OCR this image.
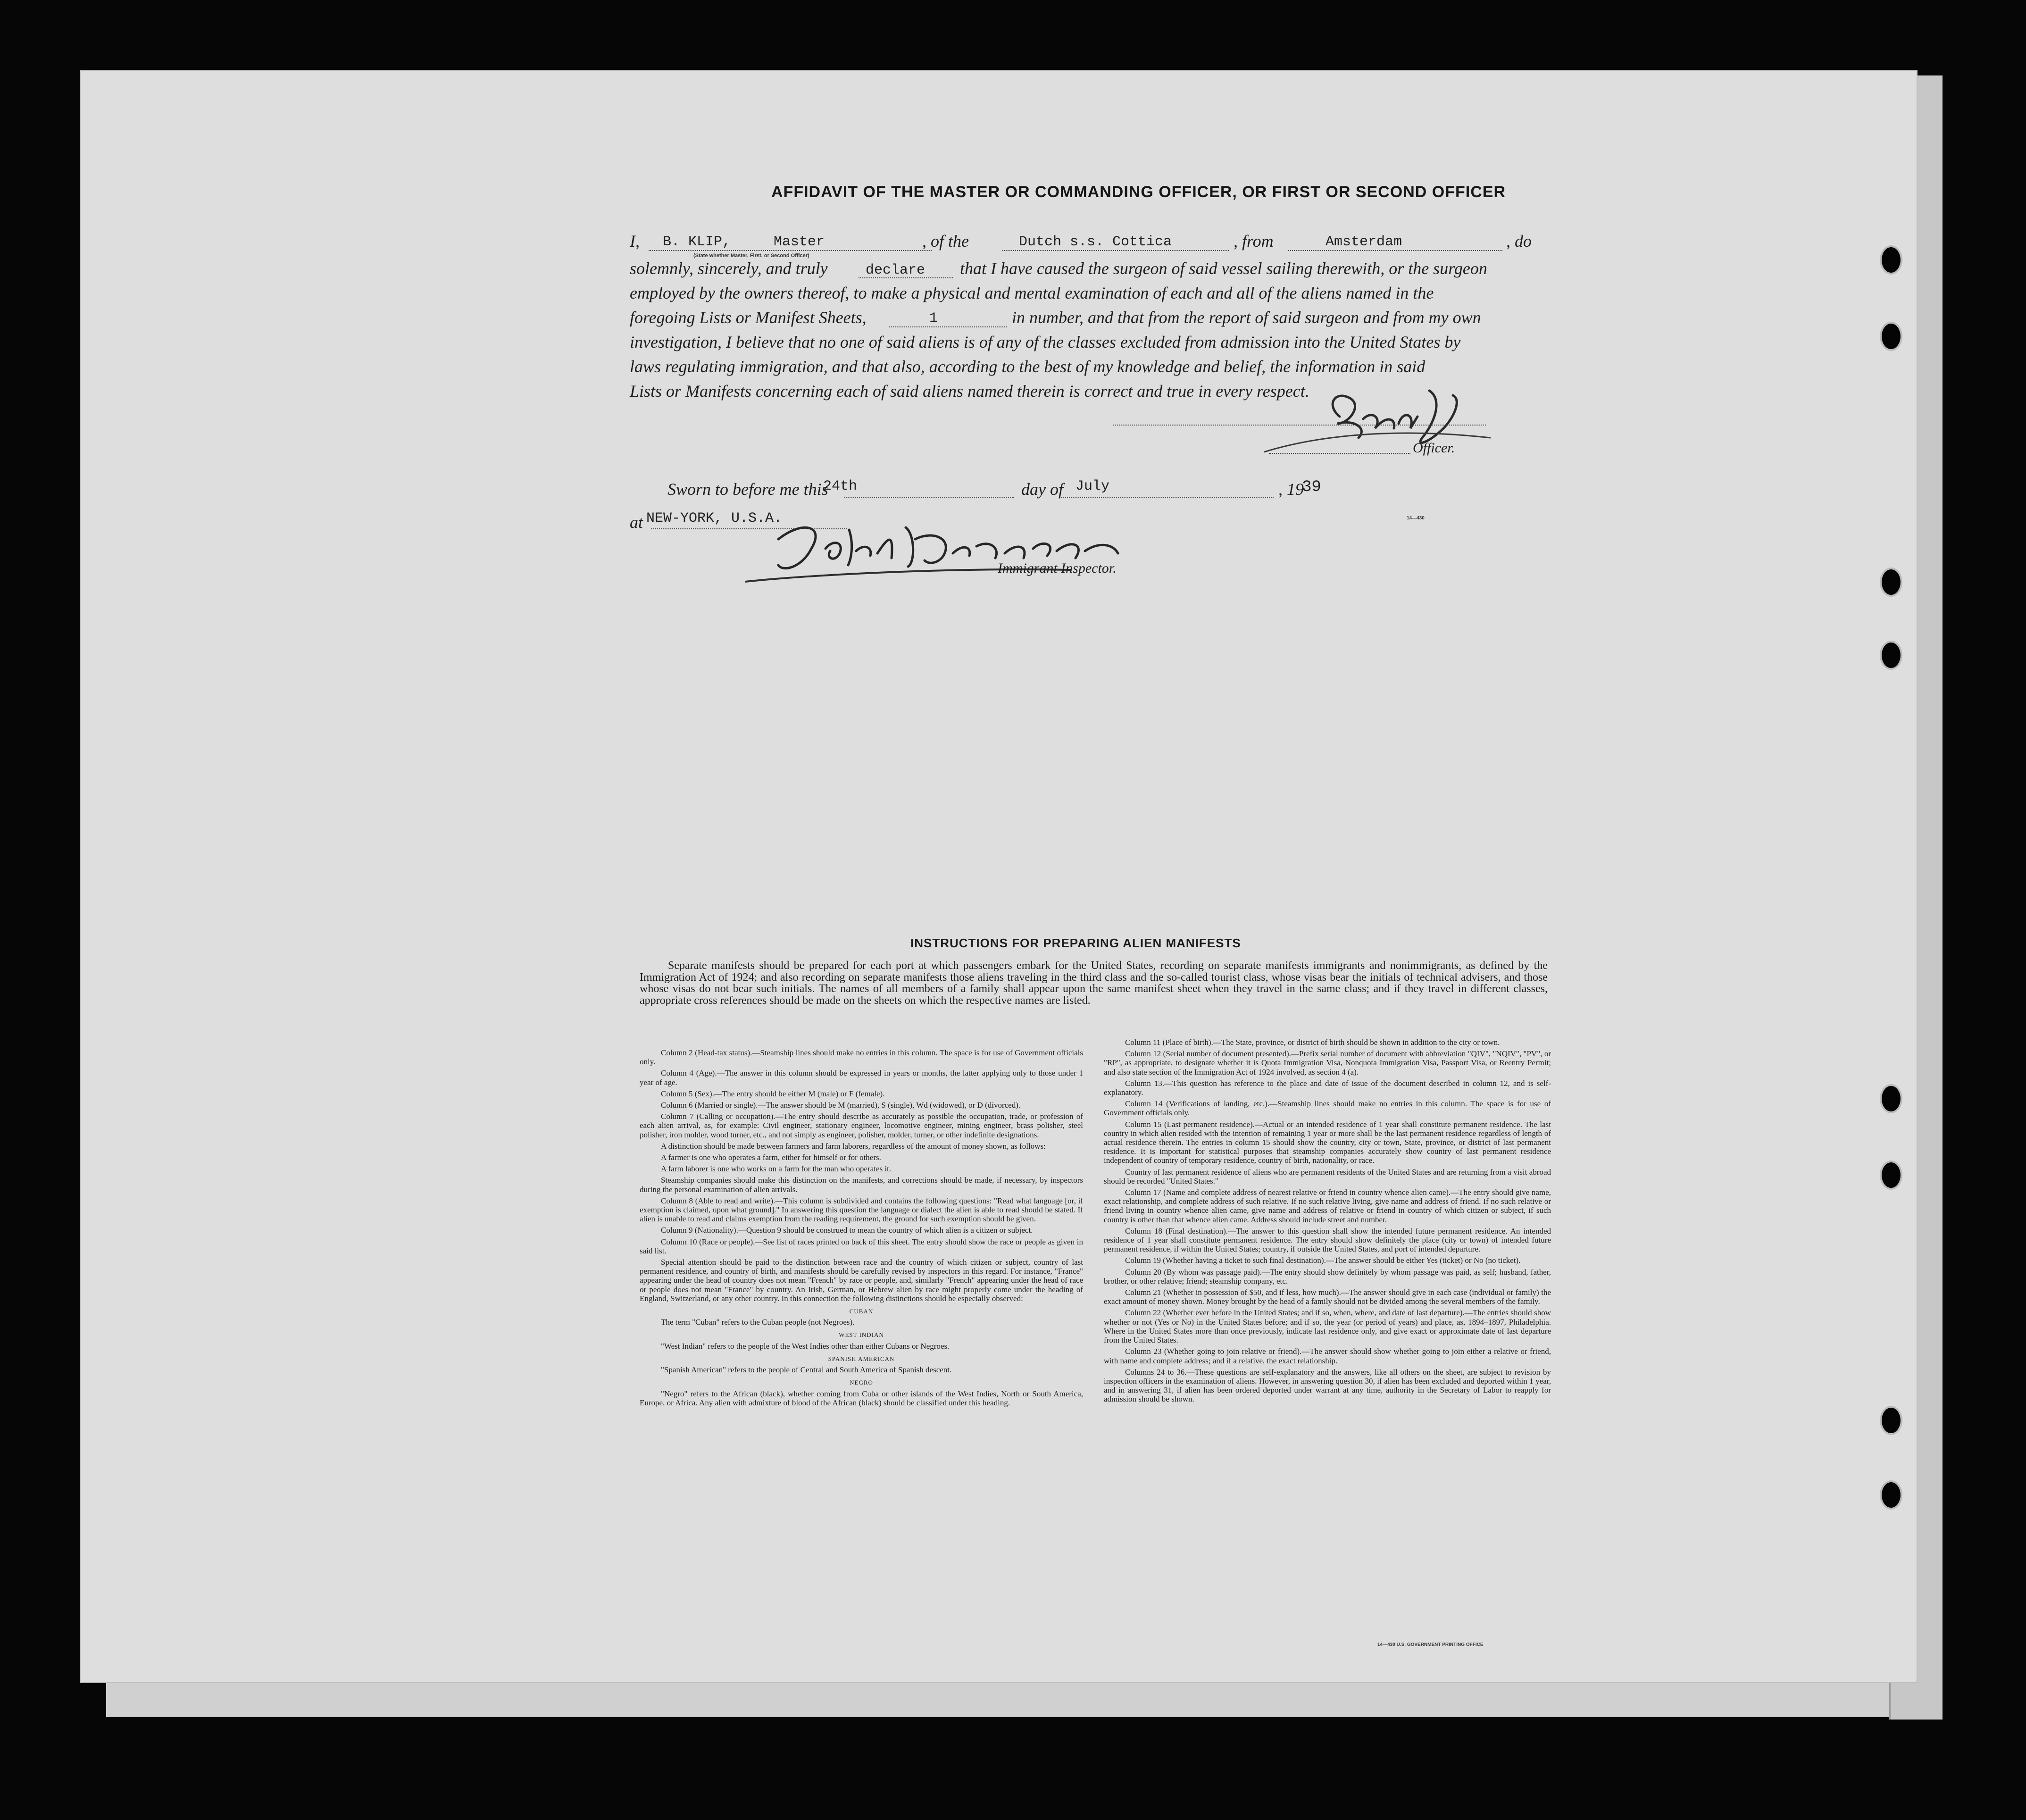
AFFIDAVIT OF THE MASTER OR COMMANDING OFFICER, OR FIRST OR SECOND OFFICER
I,	, of the	, from	, do
B. KLIP,	Master
(State whether Master, First, or Second Officer)
Dutch s.s. Cottica	Amsterdam
solemnly, sincerely, and truly	that I have caused the surgeon of said vessel sailing therewith, or the surgeon
declare
employed by the owners thereof, to make a physical and mental examination of each and all of the aliens named in the
foregoing Lists or Manifest Sheets,	in number, and that from the report of said surgeon and from my own
1
investigation, I believe that no one of said aliens is of any of the classes excluded from admission into the United States by
laws regulating immigration, and that also, according to the best of my knowledge and belief, the information in said
Lists or Manifests concerning each of said aliens named therein is correct and true in every respect.
Officer.
Sworn to before me this	day of	, 19
24th	July	39
at NEW-YORK, U.S.A.
Immigrant Inspector.
14—430
INSTRUCTIONS FOR PREPARING ALIEN MANIFESTS

Separate manifests should be prepared for each port at which passengers embark for the United States, recording on separate manifests immigrants and nonimmigrants, as defined by the Immigration Act of 1924; and also recording on separate manifests those aliens traveling in the third class and the so-called tourist class, whose visas bear the initials of technical advisers, and those whose visas do not bear such initials. The names of all members of a family shall appear upon the same manifest sheet when they travel in the same class; and if they travel in different classes, appropriate cross references should be made on the sheets on which the respective names are listed.

Column 2 (Head-tax status).—Steamship lines should make no entries in this column. The space is for use of Government officials only.

Column 4 (Age).—The answer in this column should be expressed in years or months, the latter applying only to those under 1 year of age.

Column 5 (Sex).—The entry should be either M (male) or F (female).

Column 6 (Married or single).—The answer should be M (married), S (single), Wd (widowed), or D (divorced).

Column 7 (Calling or occupation).—The entry should describe as accurately as possible the occupation, trade, or profession of each alien arrival, as, for example: Civil engineer, stationary engineer, locomotive engineer, mining engineer, brass polisher, steel polisher, iron molder, wood turner, etc., and not simply as engineer, polisher, molder, turner, or other indefinite designations.

A distinction should be made between farmers and farm laborers, regardless of the amount of money shown, as follows:

A farmer is one who operates a farm, either for himself or for others.

A farm laborer is one who works on a farm for the man who operates it.

Steamship companies should make this distinction on the manifests, and corrections should be made, if necessary, by inspectors during the personal examination of alien arrivals.

Column 8 (Able to read and write).—This column is subdivided and contains the following questions: "Read what language [or, if exemption is claimed, upon what ground]." In answering this question the language or dialect the alien is able to read should be stated. If alien is unable to read and claims exemption from the reading requirement, the ground for such exemption should be given.

Column 9 (Nationality).—Question 9 should be construed to mean the country of which alien is a citizen or subject.

Column 10 (Race or people).—See list of races printed on back of this sheet. The entry should show the race or people as given in said list.

Special attention should be paid to the distinction between race and the country of which citizen or subject, country of last permanent residence, and country of birth, and manifests should be carefully revised by inspectors in this regard. For instance, "France" appearing under the head of country does not mean "French" by race or people, and, similarly "French" appearing under the head of race or people does not mean "France" by country. An Irish, German, or Hebrew alien by race might properly come under the heading of England, Switzerland, or any other country. In this connection the following distinctions should be especially observed:

CUBAN

The term "Cuban" refers to the Cuban people (not Negroes).

WEST INDIAN

"West Indian" refers to the people of the West Indies other than either Cubans or Negroes.

SPANISH AMERICAN

"Spanish American" refers to the people of Central and South America of Spanish descent.

NEGRO

"Negro" refers to the African (black), whether coming from Cuba or other islands of the West Indies, North or South America, Europe, or Africa. Any alien with admixture of blood of the African (black) should be classified under this heading.

Column 11 (Place of birth).—The State, province, or district of birth should be shown in addition to the city or town.

Column 12 (Serial number of document presented).—Prefix serial number of document with abbreviation "QIV", "NQIV", "PV", or "RP", as appropriate, to designate whether it is Quota Immigration Visa, Nonquota Immigration Visa, Passport Visa, or Reentry Permit; and also state section of the Immigration Act of 1924 involved, as section 4 (a).

Column 13.—This question has reference to the place and date of issue of the document described in column 12, and is self-explanatory.

Column 14 (Verifications of landing, etc.).—Steamship lines should make no entries in this column. The space is for use of Government officials only.

Column 15 (Last permanent residence).—Actual or an intended residence of 1 year shall constitute permanent residence. The last country in which alien resided with the intention of remaining 1 year or more shall be the last permanent residence regardless of length of actual residence therein. The entries in column 15 should show the country, city or town, State, province, or district of last permanent residence. It is important for statistical purposes that steamship companies accurately show country of last permanent residence independent of country of temporary residence, country of birth, nationality, or race.

Country of last permanent residence of aliens who are permanent residents of the United States and are returning from a visit abroad should be recorded "United States."

Column 17 (Name and complete address of nearest relative or friend in country whence alien came).—The entry should give name, exact relationship, and complete address of such relative. If no such relative living, give name and address of friend. If no such relative or friend living in country whence alien came, give name and address of relative or friend in country of which citizen or subject, if such country is other than that whence alien came. Address should include street and number.

Column 18 (Final destination).—The answer to this question shall show the intended future permanent residence. An intended residence of 1 year shall constitute permanent residence. The entry should show definitely the place (city or town) of intended future permanent residence, if within the United States; country, if outside the United States, and port of intended departure.

Column 19 (Whether having a ticket to such final destination).—The answer should be either Yes (ticket) or No (no ticket).

Column 20 (By whom was passage paid).—The entry should show definitely by whom passage was paid, as self; husband, father, brother, or other relative; friend; steamship company, etc.

Column 21 (Whether in possession of $50, and if less, how much).—The answer should give in each case (individual or family) the exact amount of money shown. Money brought by the head of a family should not be divided among the several members of the family.

Column 22 (Whether ever before in the United States; and if so, when, where, and date of last departure).—The entries should show whether or not (Yes or No) in the United States before; and if so, the year (or period of years) and place, as, 1894–1897, Philadelphia. Where in the United States more than once previously, indicate last residence only, and give exact or approximate date of last departure from the United States.

Column 23 (Whether going to join relative or friend).—The answer should show whether going to join either a relative or friend, with name and complete address; and if a relative, the exact relationship.

Columns 24 to 36.—These questions are self-explanatory and the answers, like all others on the sheet, are subject to revision by inspection officers in the examination of aliens. However, in answering question 30, if alien has been excluded and deported within 1 year, and in answering 31, if alien has been ordered deported under warrant at any time, authority in the Secretary of Labor to reapply for admission should be shown.

14—430 U.S. GOVERNMENT PRINTING OFFICE
